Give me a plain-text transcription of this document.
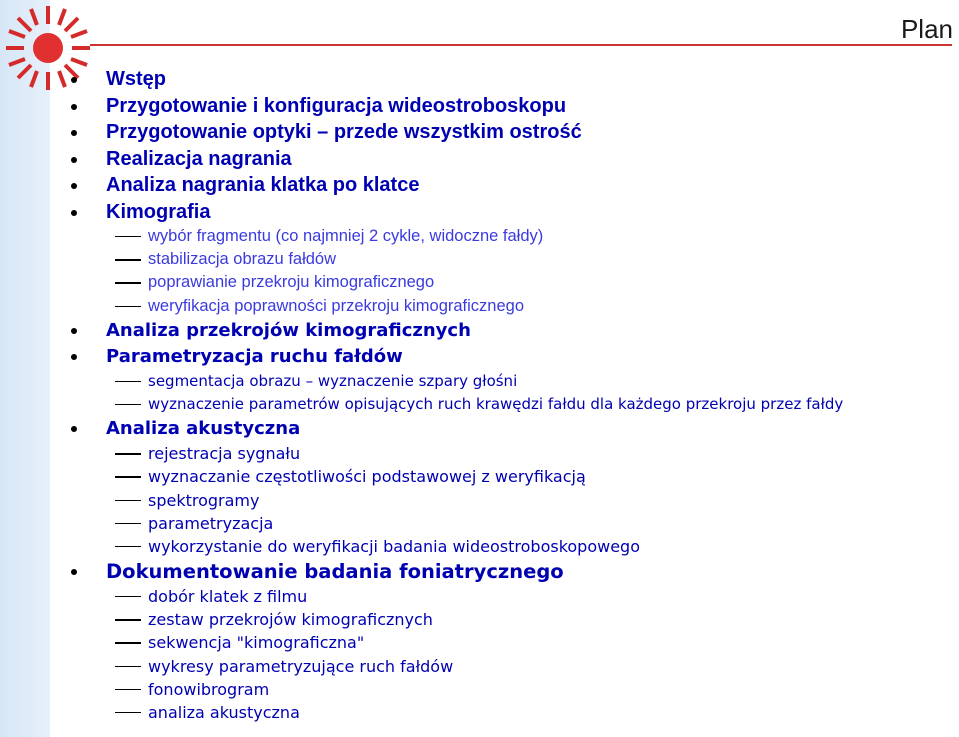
Plan
Wstęp
Przygotowanie i konfiguracja wideostroboskopu
Przygotowanie optyki – przede wszystkim ostrość
Realizacja nagrania
Analiza nagrania klatka po klatce
Kimografia
wybór fragmentu (co najmniej 2 cykle, widoczne fałdy)
stabilizacja obrazu fałdów
poprawianie przekroju kimograficznego
weryfikacja poprawności przekroju kimograficznego
Analiza przekrojów kimograficznych
Parametryzacja ruchu fałdów
segmentacja obrazu – wyznaczenie szpary głośni
wyznaczenie parametrów opisujących ruch krawędzi fałdu dla każdego przekroju przez fałdy
Analiza akustyczna
rejestracja sygnału
wyznaczanie częstotliwości podstawowej z weryfikacją
spektrogramy
parametryzacja
wykorzystanie do weryfikacji badania wideostroboskopowego
Dokumentowanie badania foniatrycznego
dobór klatek z filmu
zestaw przekrojów kimograficznych
sekwencja "kimograficzna"
wykresy parametryzujące ruch fałdów
fonowibrogram
analiza akustyczna
